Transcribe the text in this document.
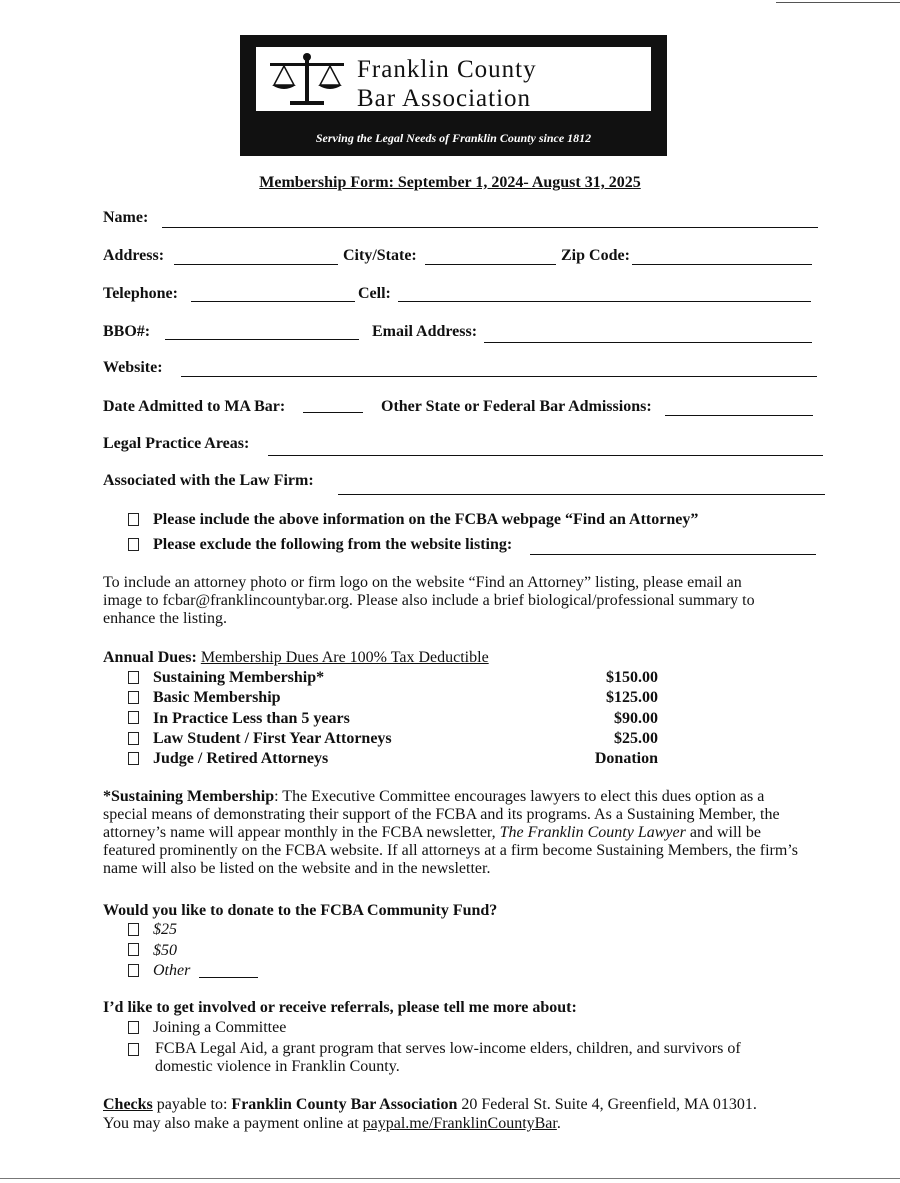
Franklin County
Bar Association
Serving the Legal Needs of Franklin County since 1812
Membership Form: September 1, 2024- August 31, 2025
Name:
Address:	City/State:	Zip Code:
Telephone:	Cell:
BBO#:	Email Address:
Website:
Date Admitted to MA Bar:	Other State or Federal Bar Admissions:
Legal Practice Areas:
Associated with the Law Firm:
Please include the above information on the FCBA webpage “Find an Attorney”
Please exclude the following from the website listing:
To include an attorney photo or firm logo on the website “Find an Attorney” listing, please email an image to fcbar@franklincountybar.org. Please also include a brief biological/professional summary to enhance the listing.
Annual Dues: Membership Dues Are 100% Tax Deductible
Sustaining Membership*	$150.00
Basic Membership	$125.00
In Practice Less than 5 years	$90.00
Law Student / First Year Attorneys	$25.00
Judge / Retired Attorneys	Donation
*Sustaining Membership: The Executive Committee encourages lawyers to elect this dues option as a special means of demonstrating their support of the FCBA and its programs. As a Sustaining Member, the attorney’s name will appear monthly in the FCBA newsletter, The Franklin County Lawyer and will be featured prominently on the FCBA website. If all attorneys at a firm become Sustaining Members, the firm’s name will also be listed on the website and in the newsletter.
Would you like to donate to the FCBA Community Fund?
$25
$50
Other
I’d like to get involved or receive referrals, please tell me more about:
Joining a Committee
FCBA Legal Aid, a grant program that serves low-income elders, children, and survivors of domestic violence in Franklin County.
Checks payable to: Franklin County Bar Association 20 Federal St. Suite 4, Greenfield, MA 01301.
You may also make a payment online at paypal.me/FranklinCountyBar.
